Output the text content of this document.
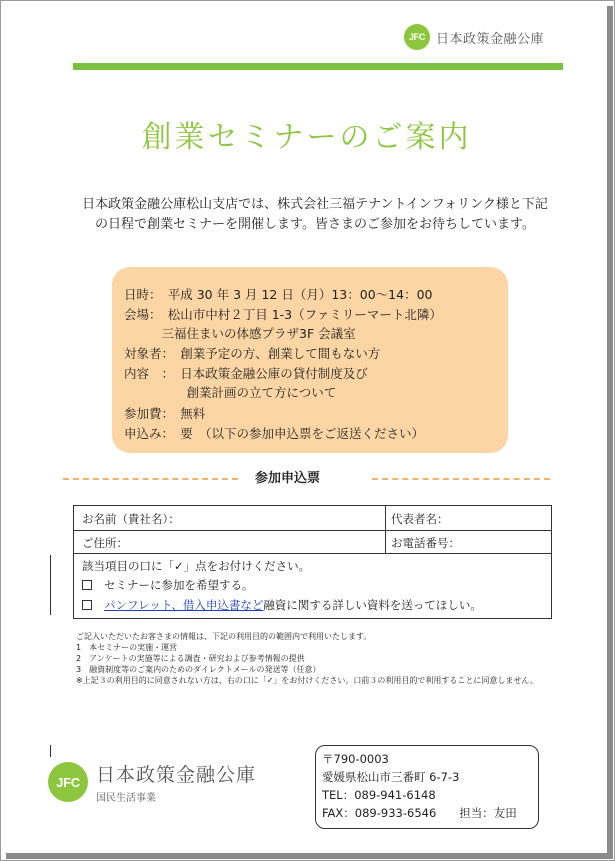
JFC 日本政策金融公庫
創業セミナーのご案内
日本政策金融公庫松山支店では、株式会社三福テナントインフォリンク様と下記の日程で創業セミナーを開催します。皆さまのご参加をお待ちしています。
日時：　平成 30 年 3 月 12 日（月）13：00～14：00
会場：　松山市中村２丁目 1-3（ファミリーマート北隣）
　　　三福住まいの体感プラザ3F 会議室
対象者：　創業予定の方、創業して間もない方
内容　：　日本政策金融公庫の貸付制度及び
　　　　　創業計画の立て方について
参加費：　無料
申込み：　要　（以下の参加申込票をご返送ください）
参加申込票
お名前（貴社名）：	代表者名：
ご住所：	お電話番号：
該当項目の口に「✓」点をお付けください。
セミナーに参加を希望する。
パンフレット、借入申込書など融資に関する詳しい資料を送ってほしい。
ご記入いただいたお客さまの情報は、下記の利用目的の範囲内で利用いたします。
1　本セミナーの実施・運営
2　アンケートの実施等による調査・研究および参考情報の提供
3　融資制度等のご案内のためのダイレクトメールの発送等（任意）
※上記３の利用目的に同意されない方は、右の口に「✓」をお付けください。口前３の利用目的で利用することに同意しません。
JFC 日本政策金融公庫
国民生活事業
〒790-0003
愛媛県松山市三番町 6-7-3
TEL：089-941-6148
FAX：089-933-6546　　担当：友田
